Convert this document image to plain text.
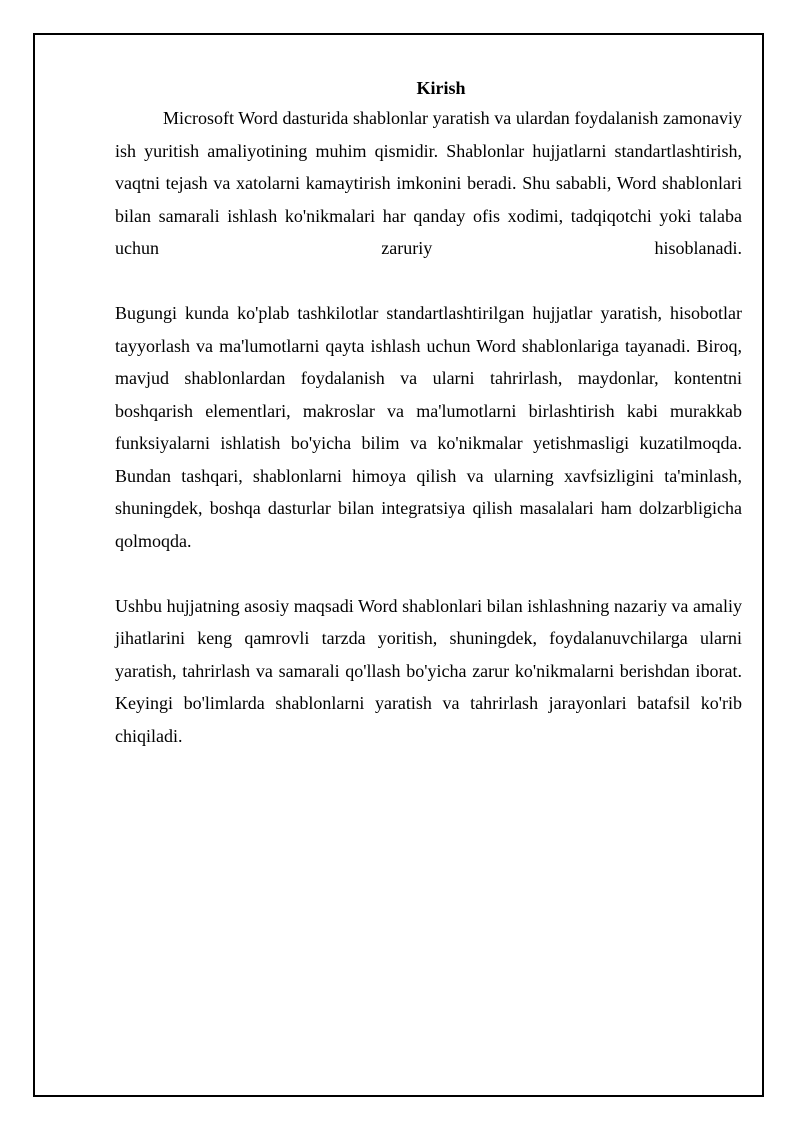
Kirish

Microsoft Word dasturida shablonlar yaratish va ulardan foydalanish zamonaviy ish yuritish amaliyotining muhim qismidir. Shablonlar hujjatlarni standartlashtirish, vaqtni tejash va xatolarni kamaytirish imkonini beradi. Shu sababli, Word shablonlari bilan samarali ishlash ko'nikmalari har qanday ofis xodimi, tadqiqotchi yoki talaba uchun zaruriy hisoblanadi.

Bugungi kunda ko'plab tashkilotlar standartlashtirilgan hujjatlar yaratish, hisobotlar tayyorlash va ma'lumotlarni qayta ishlash uchun Word shablonlariga tayanadi. Biroq, mavjud shablonlardan foydalanish va ularni tahrirlash, maydonlar, kontentni boshqarish elementlari, makroslar va ma'lumotlarni birlashtirish kabi murakkab funksiyalarni ishlatish bo'yicha bilim va ko'nikmalar yetishmasligi kuzatilmoqda. Bundan tashqari, shablonlarni himoya qilish va ularning xavfsizligini ta'minlash, shuningdek, boshqa dasturlar bilan integratsiya qilish masalalari ham dolzarbligicha qolmoqda.

Ushbu hujjatning asosiy maqsadi Word shablonlari bilan ishlashning nazariy va amaliy jihatlarini keng qamrovli tarzda yoritish, shuningdek, foydalanuvchilarga ularni yaratish, tahrirlash va samarali qo'llash bo'yicha zarur ko'nikmalarni berishdan iborat. Keyingi bo'limlarda shablonlarni yaratish va tahrirlash jarayonlari batafsil ko'rib chiqiladi.
